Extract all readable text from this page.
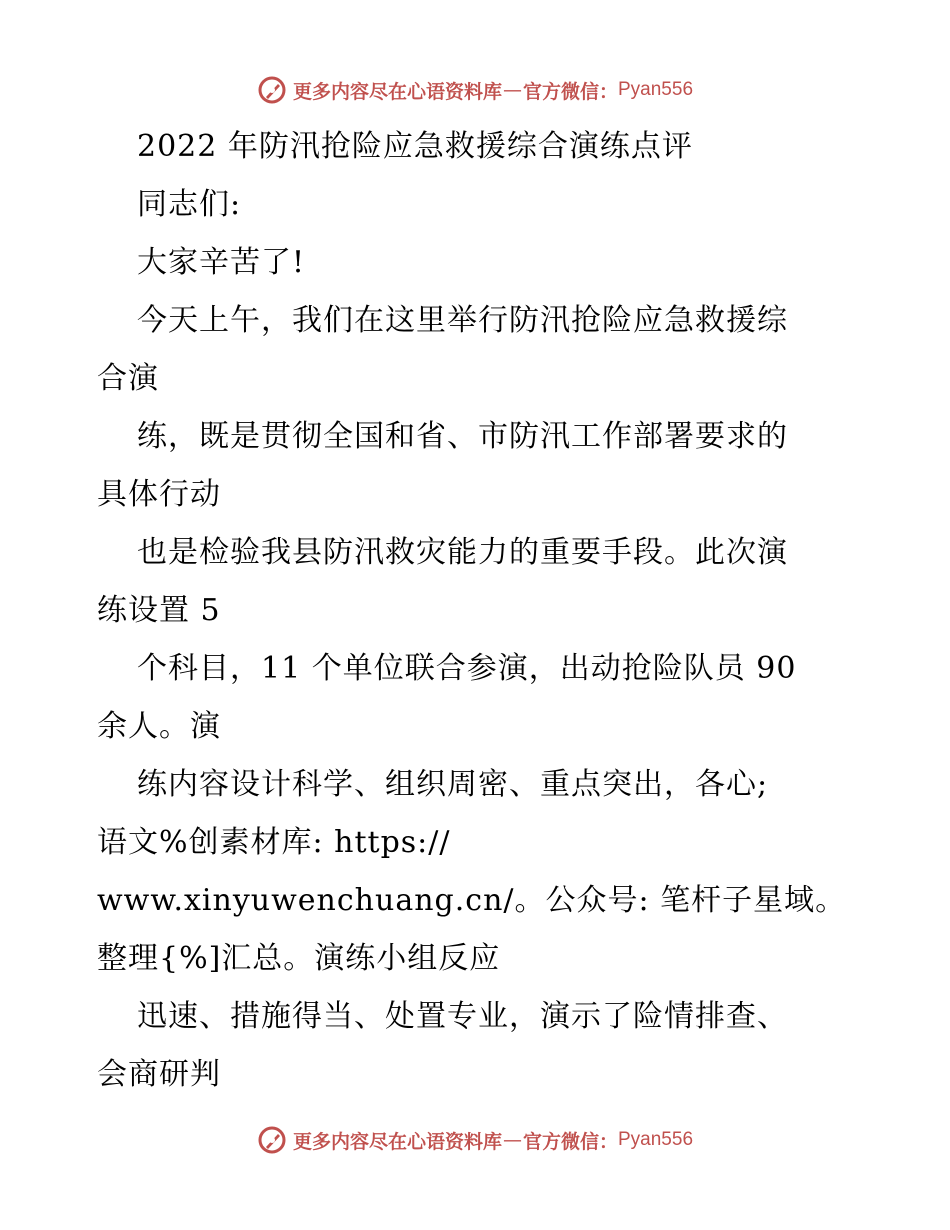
更多内容尽在心语资料库 — 官方微信： Pyan556
2022 年防汛抢险应急救援综合演练点评
同志们:
大家辛苦了!
今天上午，我们在这里举行防汛抢险应急救援综
合演
练，既是贯彻全国和省、市防汛工作部署要求的
具体行动
也是检验我县防汛救灾能力的重要手段。此次演
练设置 5
个科目，11 个单位联合参演，出动抢险队员 90
余人。演
练内容设计科学、组织周密、重点突出，各心;
语文%创素材库: https://
www.xinyuwenchuang.cn/。公众号: 笔杆子星域。
整理{%]汇总。演练小组反应
迅速、措施得当、处置专业，演示了险情排查、
会商研判
更多内容尽在心语资料库 — 官方微信： Pyan556
